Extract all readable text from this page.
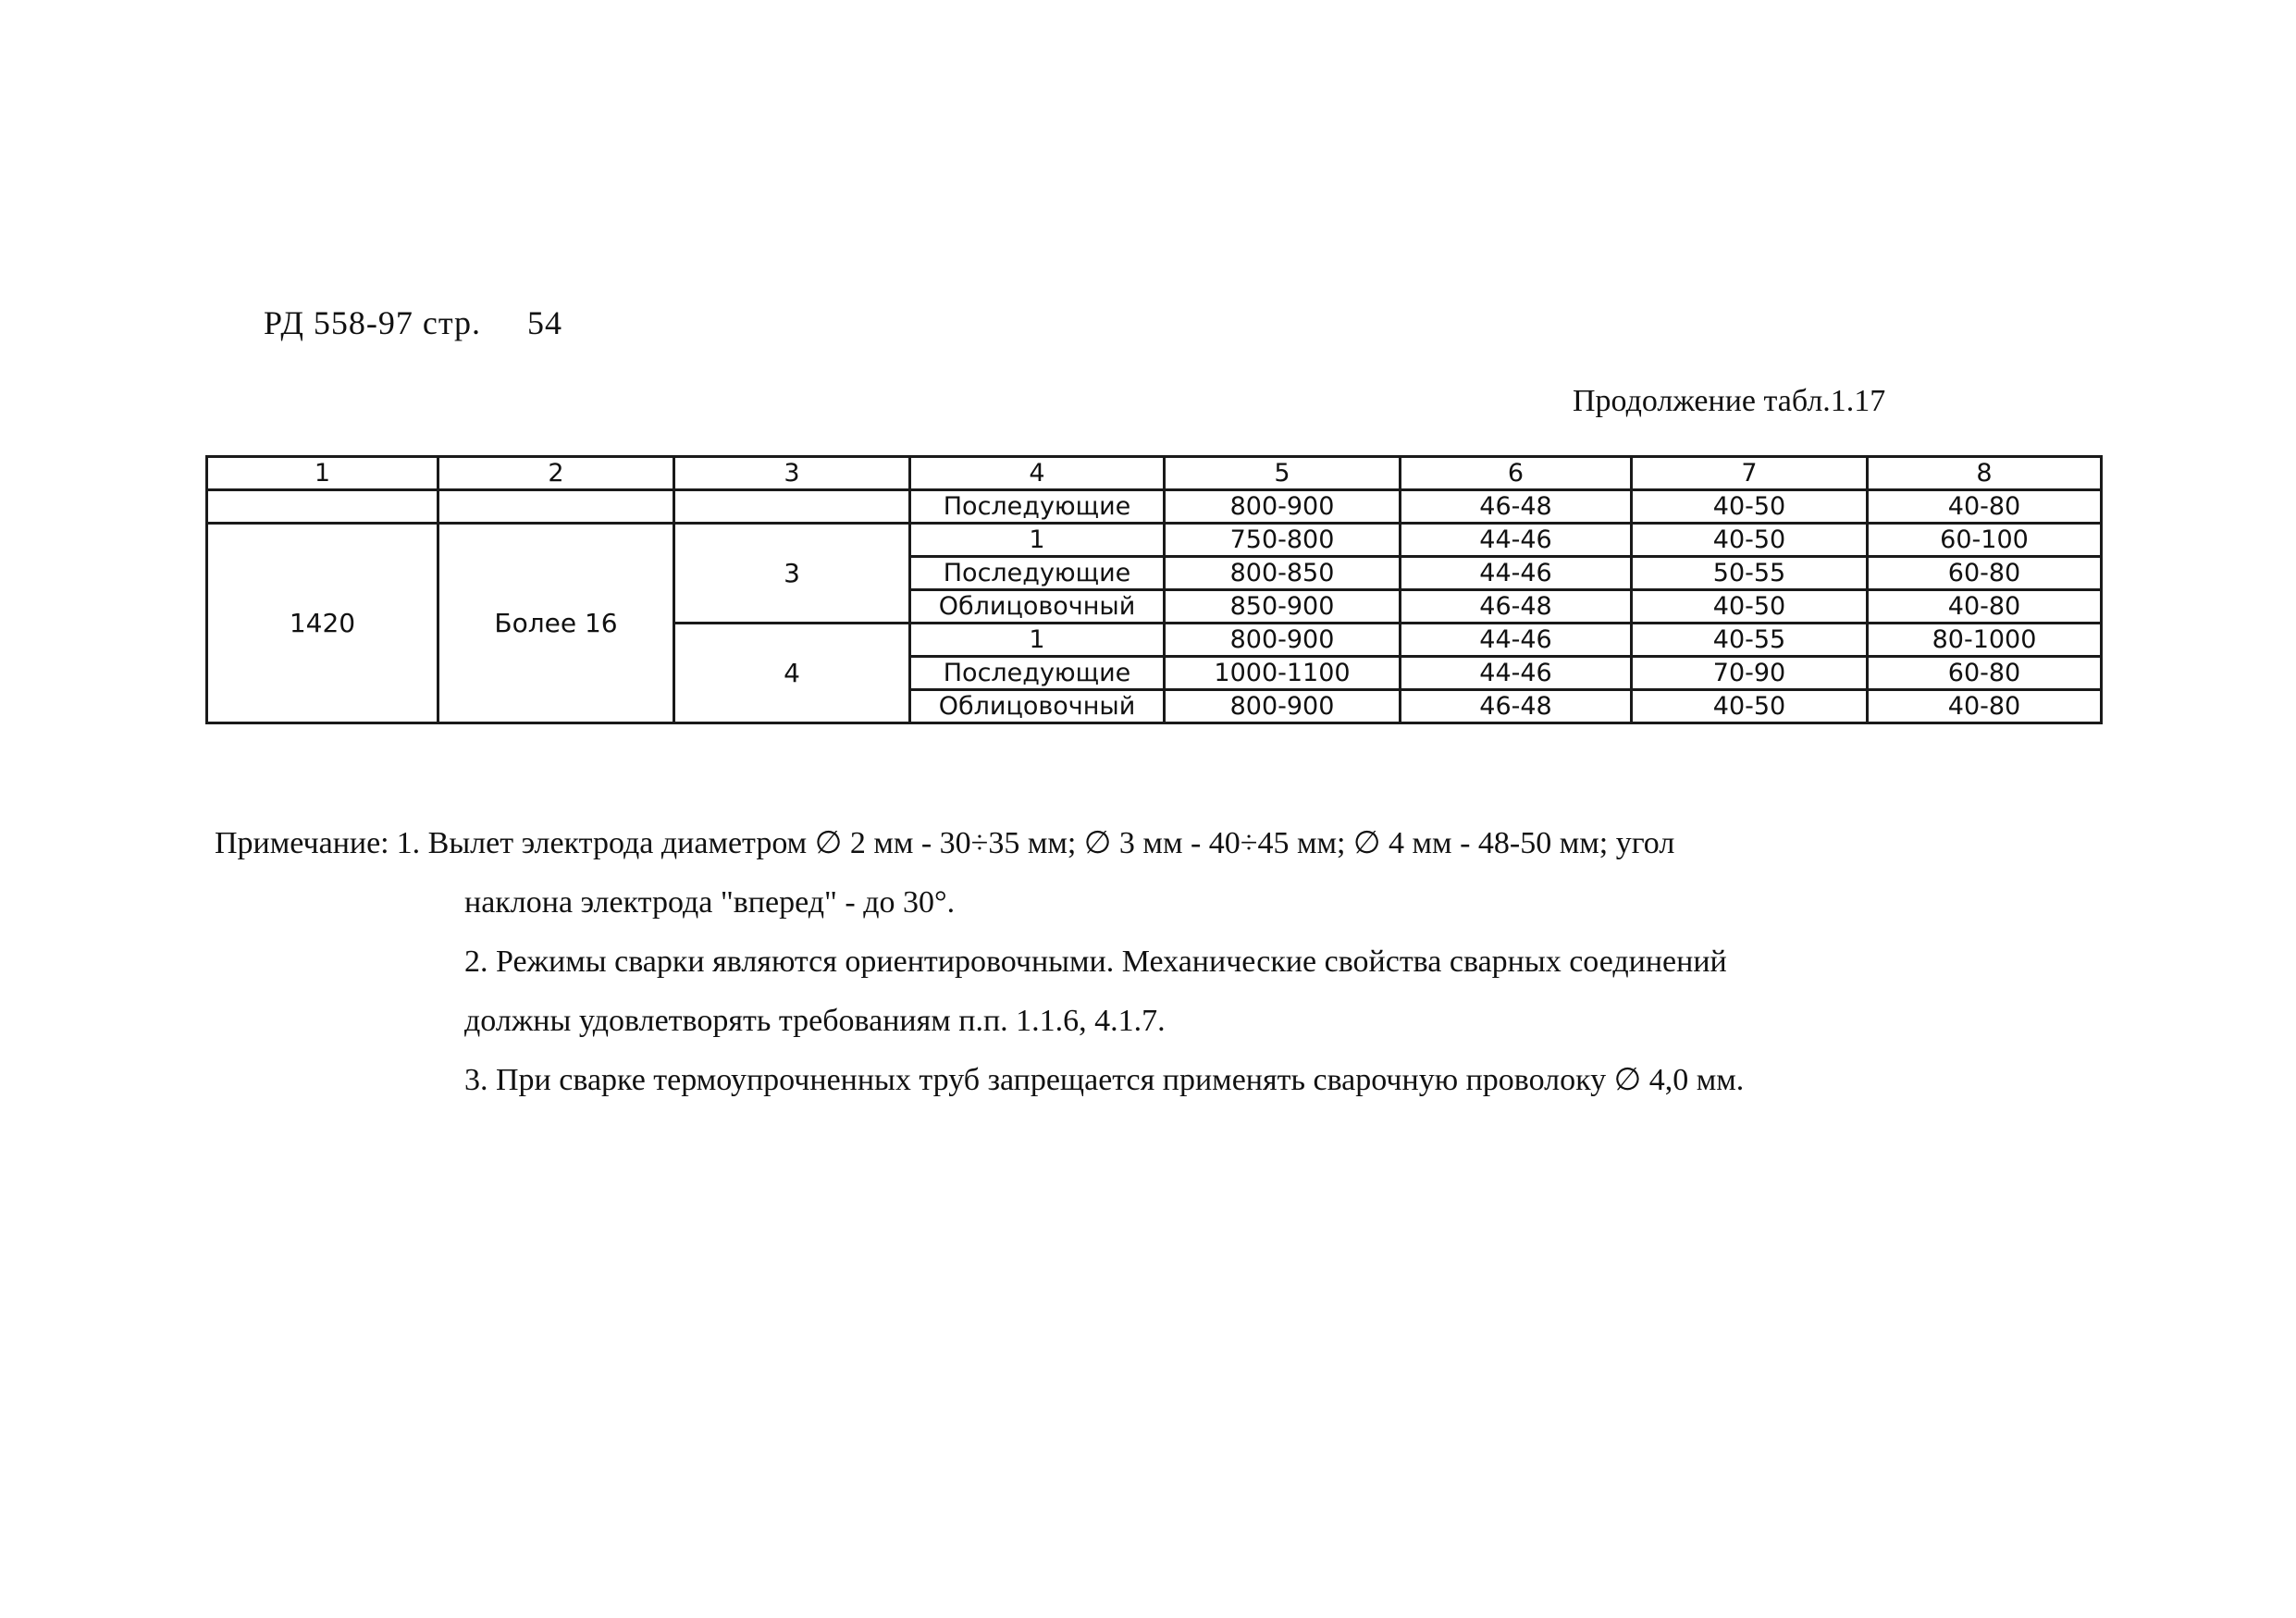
РД 558-97 стр. 54
Продолжение табл.1.17
1	2	3	4	5	6	7	8
			Последующие	800-900	46-48	40-50	40-80
1420	Более 16	3	1	750-800	44-46	40-50	60-100
			Последующие	800-850	44-46	50-55	60-80
			Облицовочный	850-900	46-48	40-50	40-80
		4	1	800-900	44-46	40-55	80-1000
			Последующие	1000-1100	44-46	70-90	60-80
			Облицовочный	800-900	46-48	40-50	40-80
Примечание: 1. Вылет электрода диаметром ∅ 2 мм - 30÷35 мм; ∅ 3 мм - 40÷45 мм; ∅ 4 мм - 48-50 мм; угол
наклона электрода "вперед" - до 30°.
2. Режимы сварки являются ориентировочными. Механические свойства сварных соединений
должны удовлетворять требованиям п.п. 1.1.6, 4.1.7.
3. При сварке термоупрочненных труб запрещается применять сварочную проволоку ∅ 4,0 мм.
